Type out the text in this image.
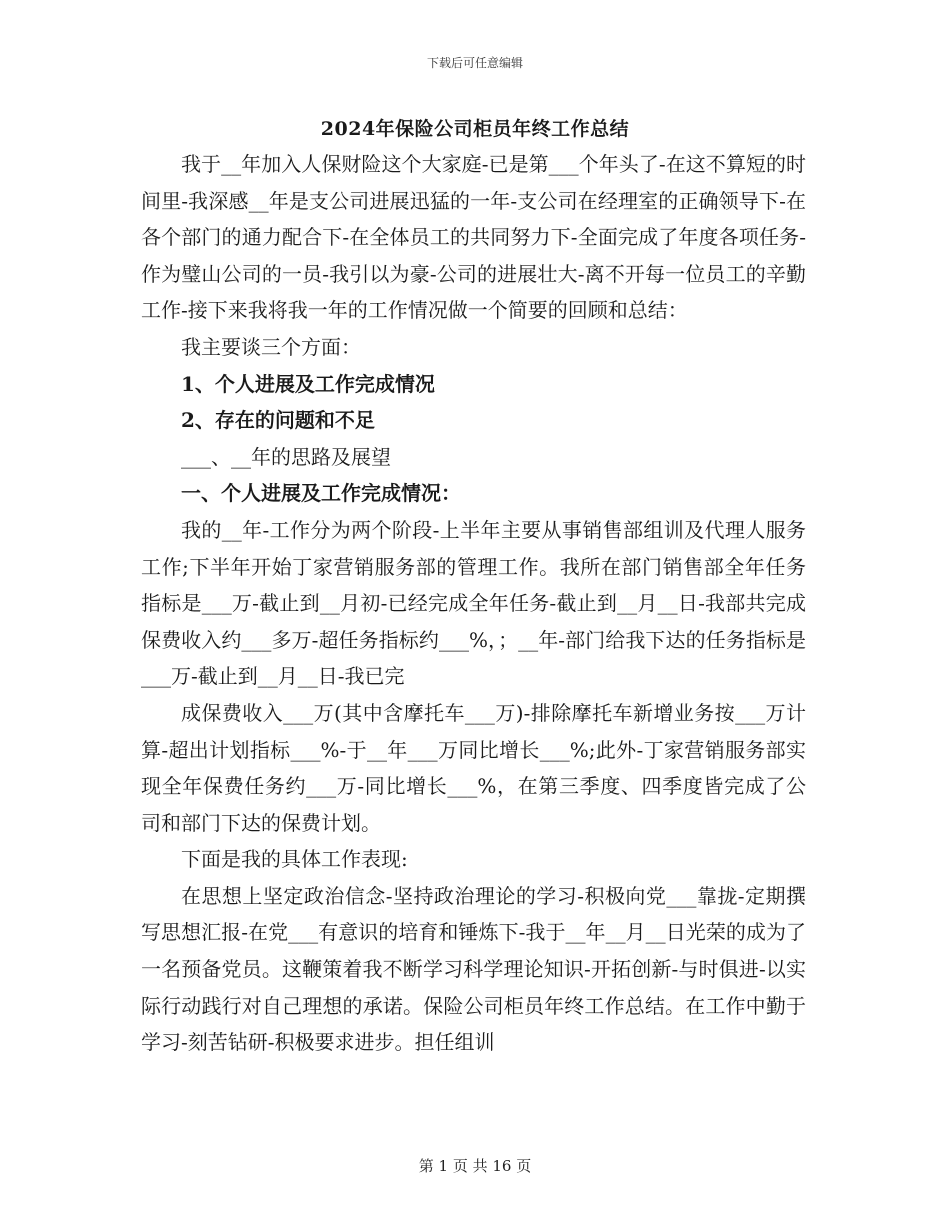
下载后可任意编辑
2024年保险公司柜员年终工作总结

我于__年加入人保财险这个大家庭-已是第___个年头了-在这不算短的时间里-我深感__年是支公司进展迅猛的一年-支公司在经理室的正确领导下-在各个部门的通力配合下-在全体员工的共同努力下-全面完成了年度各项任务-作为璧山公司的一员-我引以为豪-公司的进展壮大-离不开每一位员工的辛勤工作-接下来我将我一年的工作情况做一个简要的回顾和总结：

我主要谈三个方面：

1、个人进展及工作完成情况

2、存在的问题和不足

___、__年的思路及展望

一、个人进展及工作完成情况：

我的__年-工作分为两个阶段-上半年主要从事销售部组训及代理人服务工作;下半年开始丁家营销服务部的管理工作。我所在部门销售部全年任务指标是___万-截止到__月初-已经完成全年任务-截止到__月__日-我部共完成保费收入约___多万-超任务指标约___%，；__年-部门给我下达的任务指标是___万-截止到__月__日-我已完

成保费收入___万(其中含摩托车___万)-排除摩托车新增业务按___万计算-超出计划指标___%-于__年___万同比增长___%;此外-丁家营销服务部实现全年保费任务约___万-同比增长___%，在第三季度、四季度皆完成了公司和部门下达的保费计划。

下面是我的具体工作表现:

在思想上坚定政治信念-坚持政治理论的学习-积极向党___靠拢-定期撰写思想汇报-在党___有意识的培育和锤炼下-我于__年__月__日光荣的成为了一名预备党员。这鞭策着我不断学习科学理论知识-开拓创新-与时俱进-以实际行动践行对自己理想的承诺。保险公司柜员年终工作总结。在工作中勤于学习-刻苦钻研-积极要求进步。担任组训

第 1 页 共 16 页
